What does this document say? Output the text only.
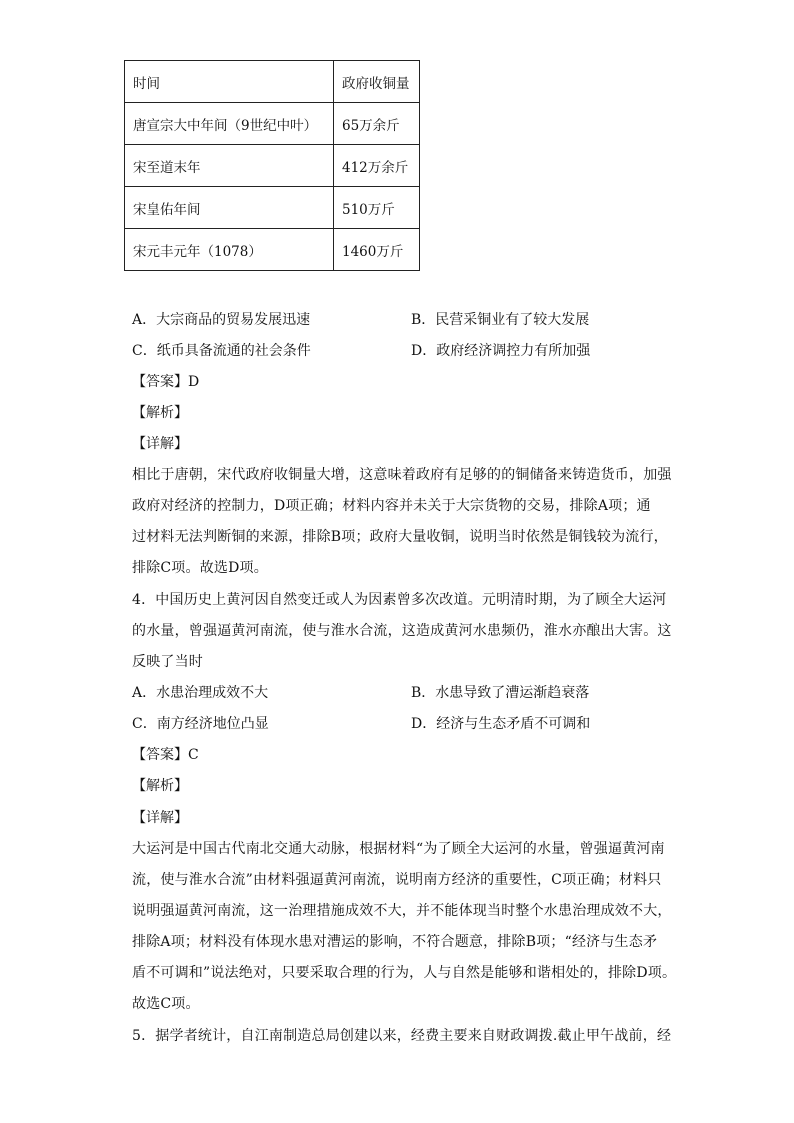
时间	政府收铜量
唐宣宗大中年间（9世纪中叶）	65万余斤
宋至道末年	412万余斤
宋皇佑年间	510万斤
宋元丰元年（1078）	1460万斤
A．大宗商品的贸易发展迅速	B．民营采铜业有了较大发展
C．纸币具备流通的社会条件	D．政府经济调控力有所加强
【答案】D
【解析】
【详解】
相比于唐朝，宋代政府收铜量大增，这意味着政府有足够的的铜储备来铸造货币，加强
政府对经济的控制力，D项正确；材料内容并未关于大宗货物的交易，排除A项；通
过材料无法判断铜的来源，排除B项；政府大量收铜，说明当时依然是铜钱较为流行，
排除C项。故选D项。
4．中国历史上黄河因自然变迁或人为因素曾多次改道。元明清时期，为了顾全大运河
的水量，曾强逼黄河南流，使与淮水合流，这造成黄河水患频仍，淮水亦酿出大害。这
反映了当时
A．水患治理成效不大	B．水患导致了漕运渐趋衰落
C．南方经济地位凸显	D．经济与生态矛盾不可调和
【答案】C
【解析】
【详解】
大运河是中国古代南北交通大动脉，根据材料“为了顾全大运河的水量，曾强逼黄河南
流，使与淮水合流”由材料强逼黄河南流，说明南方经济的重要性，C项正确；材料只
说明强逼黄河南流，这一治理措施成效不大，并不能体现当时整个水患治理成效不大，
排除A项；材料没有体现水患对漕运的影响，不符合题意，排除B项；“经济与生态矛
盾不可调和”说法绝对，只要采取合理的行为，人与自然是能够和谐相处的，排除D项。
故选C项。
5．据学者统计，自江南制造总局创建以来，经费主要来自财政调拨.截止甲午战前，经
